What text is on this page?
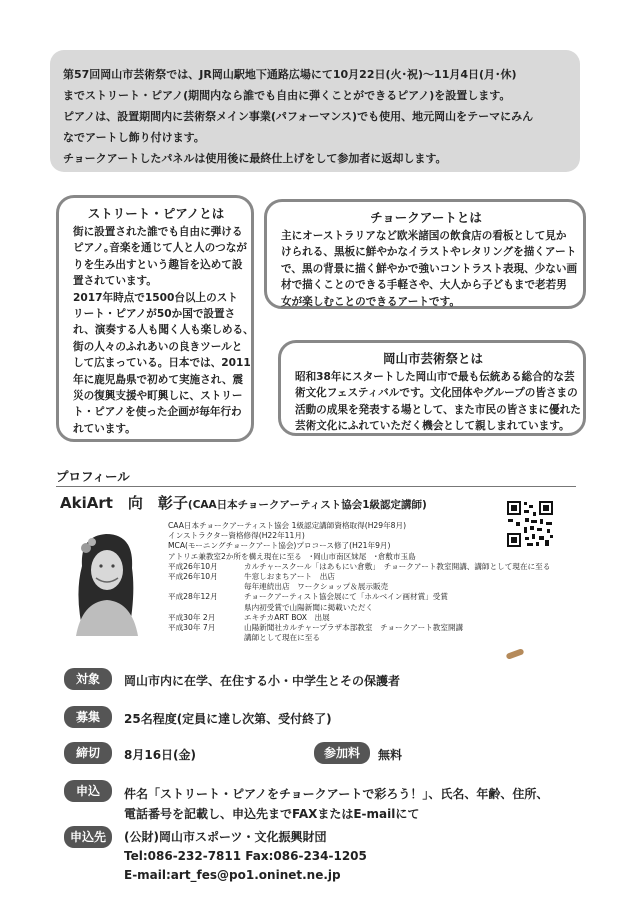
第57回岡山市芸術祭では、JR岡山駅地下通路広場にて10月22日(火･祝)〜11月4日(月･休)

までストリート・ピアノ(期間内なら誰でも自由に弾くことができるピアノ)を設置します。

ピアノは、設置期間内に芸術祭メイン事業(パフォーマンス)でも使用、地元岡山をテーマにみん

なでアートし飾り付けます。

チョークアートしたパネルは使用後に最終仕上げをして参加者に返却します。

ストリート・ピアノとは

街に設置された誰でも自由に弾ける

ピアノ｡音楽を通じて人と人のつなが

りを生み出すという趣旨を込めて設

置されています。

2017年時点で1500台以上のスト

リート・ピアノが50か国で設置さ

れ、演奏する人も聞く人も楽しめる、

街の人々のふれあいの良きツールと

して広まっている。日本では、2011

年に鹿児島県で初めて実施され、震

災の復興支援や町興しに、ストリー

ト・ピアノを使った企画が毎年行わ

れています。

チョークアートとは

主にオーストラリアなど欧米諸国の飲食店の看板として見か

けられる、黒板に鮮やかなイラストやレタリングを描くアート

で、黒の背景に描く鮮やかで強いコントラスト表現、少ない画

材で描くことのできる手軽さや、大人から子どもまで老若男

女が楽しむことのできるアートです。

岡山市芸術祭とは

昭和38年にスタートした岡山市で最も伝統ある総合的な芸

術文化フェスティバルです。文化団体やグループの皆さまの

活動の成果を発表する場として、また市民の皆さまに優れた

芸術文化にふれていただく機会として親しまれています。

プロフィール
AkiArt　向　彰子(CAA日本チョークアーティスト協会1級認定講師)
CAA日本チョークアーティスト協会 1級認定講師資格取得(H29年8月)
インストラクター資格修得(H22年11月)
MCA(モーニングチョークアート協会)プロコース修了(H21年9月)
アトリエ兼教室2か所を構え現在に至る　･岡山市南区妹尾　･倉敷市玉島
平成26年10月	カルチャースクール「はあもにい倉敷」　チョークアート教室開講、講師として現在に至る
平成26年10月	牛窓しおまちアート　出店
毎年連続出店　ワークショップ＆展示販売
平成28年12月	チョークアーティスト協会展にて「ホルベイン画材賞」受賞
県内初受賞で山陽新聞に掲載いただく
平成30年 2月	エキチカART BOX　出展
平成30年 7月	山陽新聞社カルチャープラザ本部教室　チョークアート教室開講
講師として現在に至る
対象	岡山市内に在学、在住する小・中学生とその保護者
募集	25名程度(定員に達し次第、受付終了)
締切	8月16日(金)	参加料	無料
申込	件名「ストリート・ピアノをチョークアートで彩ろう！」、氏名、年齢、住所、

電話番号を記載し、申込先までFAXまたはE-mailにて

申込先	(公財)岡山市スポーツ・文化振興財団

Tel:086-232-7811 Fax:086-234-1205

E-mail:art_fes@po1.oninet.ne.jp
